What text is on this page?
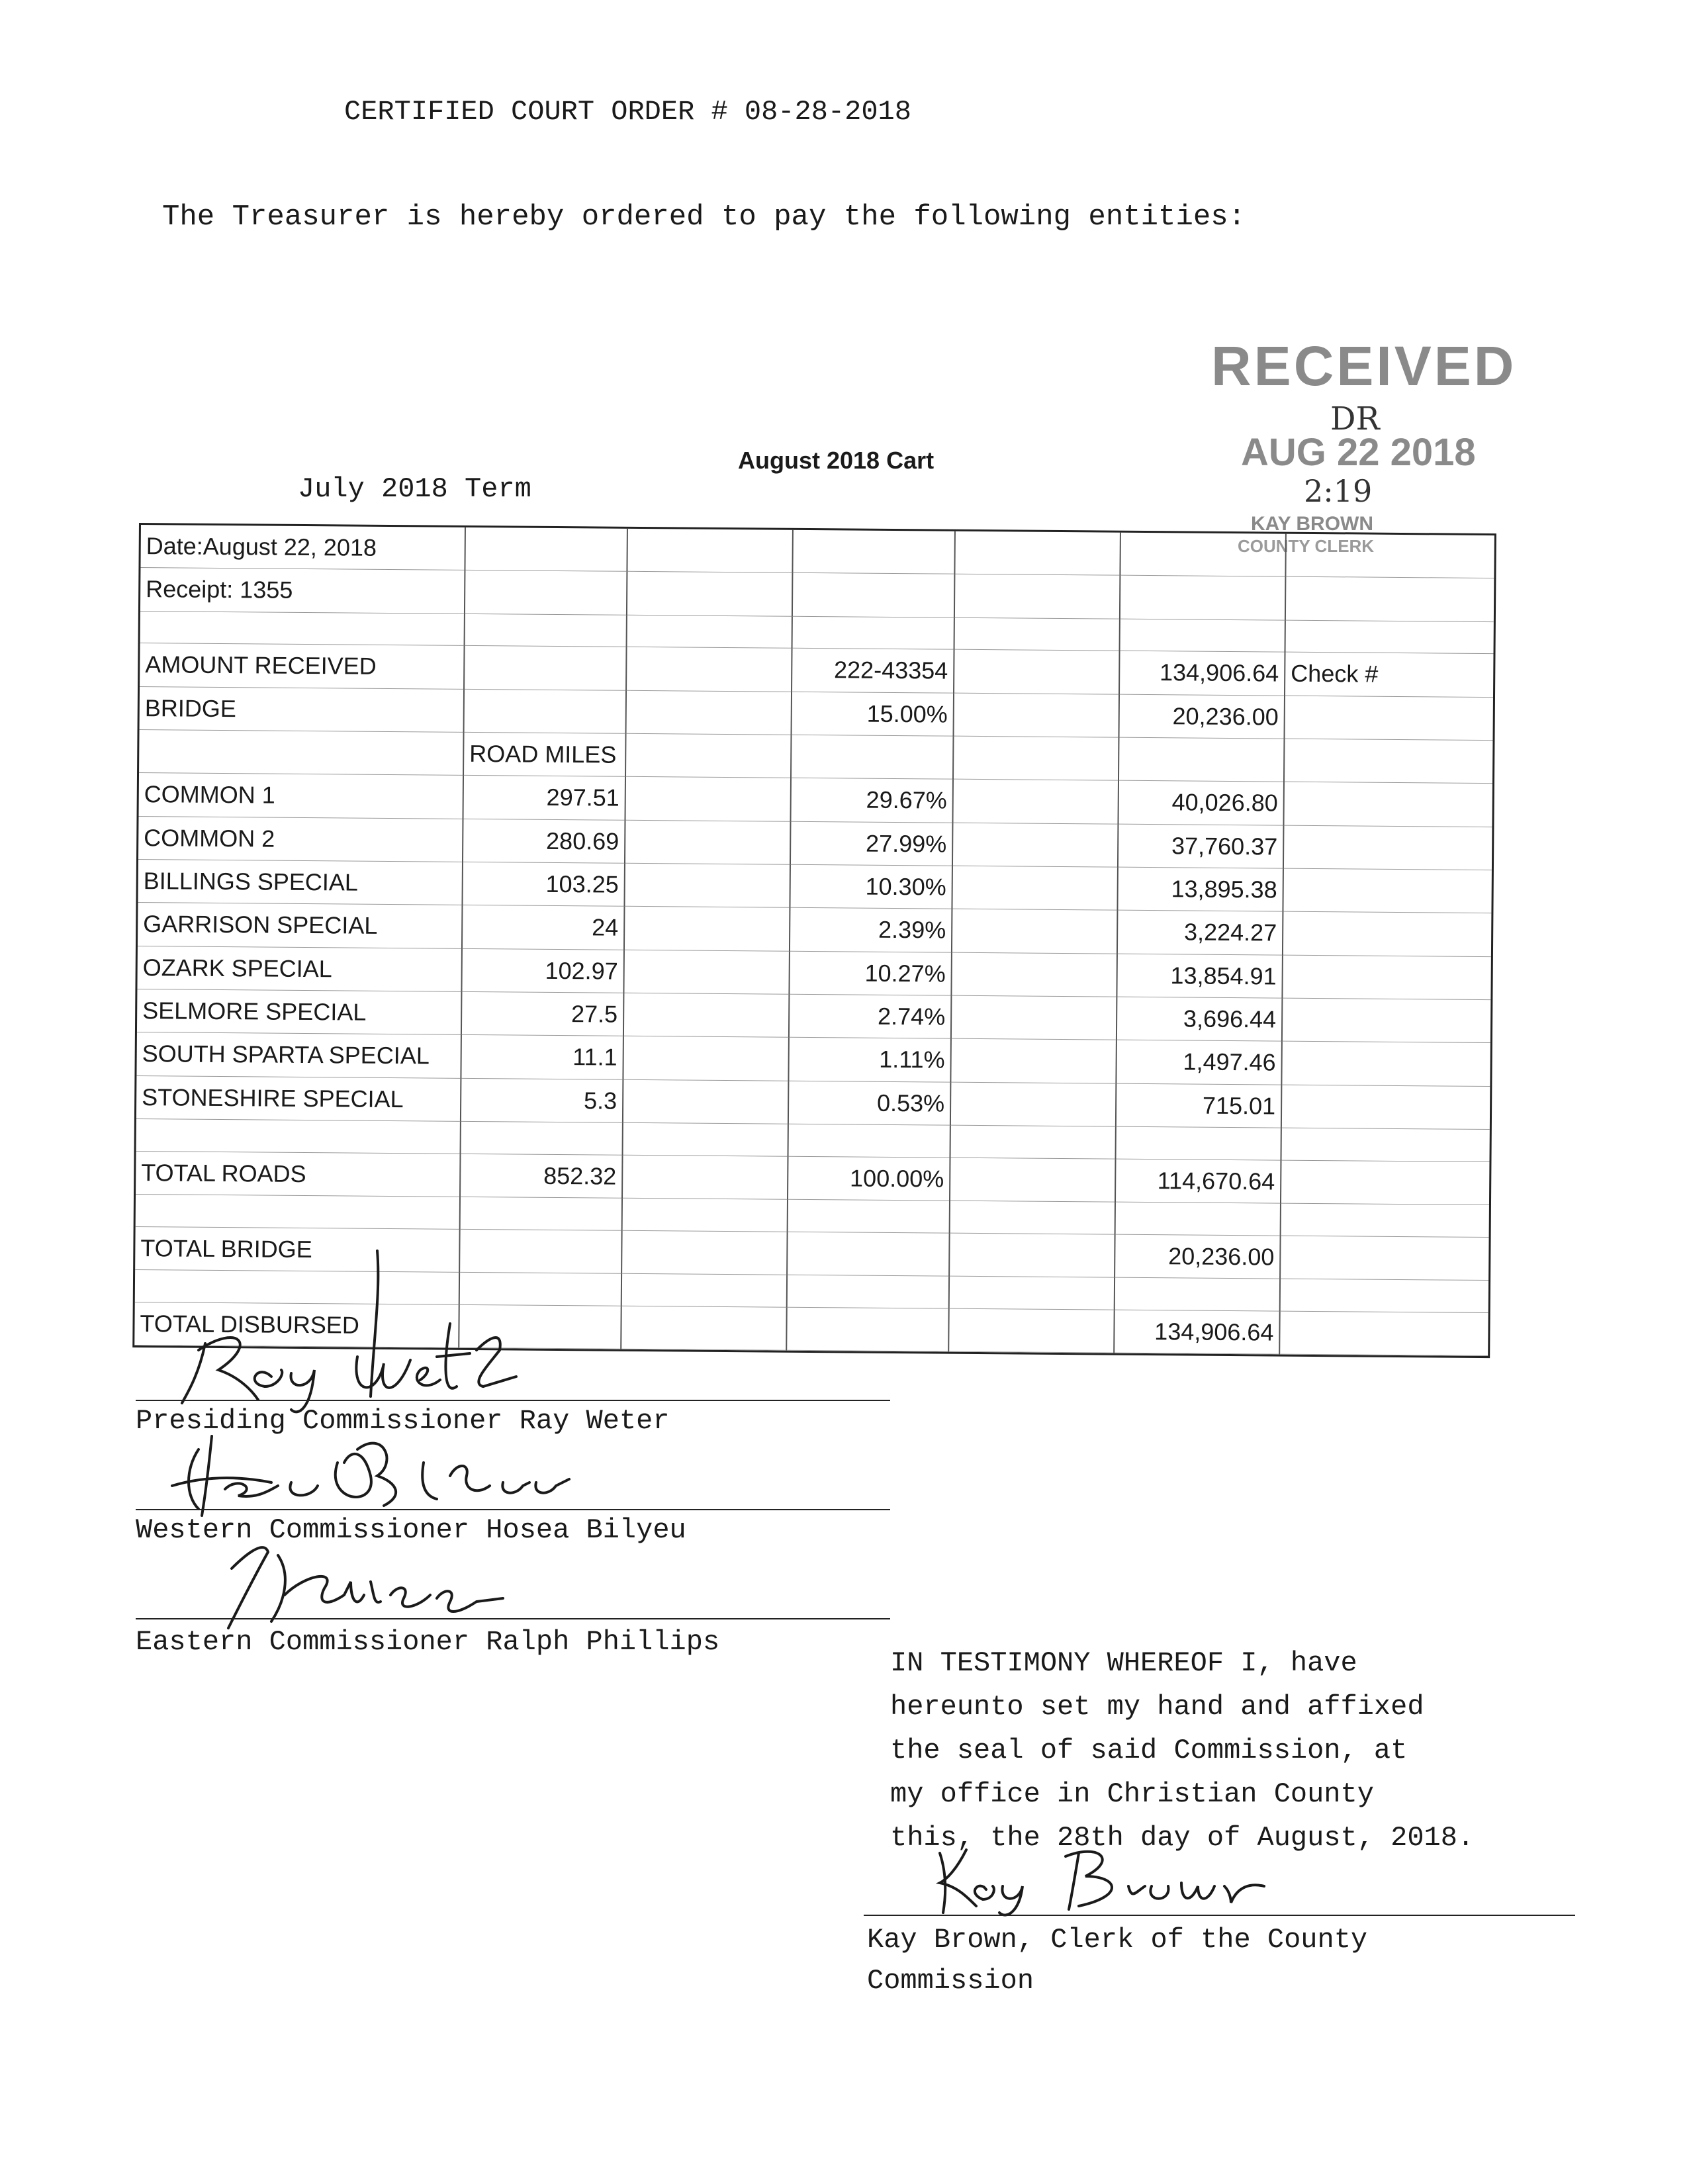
CERTIFIED COURT ORDER # 08-28-2018
The Treasurer is hereby ordered to pay the following entities:
RECEIVED
DR
AUG 22 2018
2:19
KAY BROWN
COUNTY CLERK
July 2018 Term
August 2018 Cart
Date:August 22, 2018						
Receipt: 1355						

AMOUNT RECEIVED			222-43354		134,906.64	Check #
BRIDGE			15.00%		20,236.00	
	ROAD MILES					
COMMON 1	297.51		29.67%		40,026.80	
COMMON 2	280.69		27.99%		37,760.37	
BILLINGS SPECIAL	103.25		10.30%		13,895.38	
GARRISON SPECIAL	24		2.39%		3,224.27	
OZARK SPECIAL	102.97		10.27%		13,854.91	
SELMORE SPECIAL	27.5		2.74%		3,696.44	
SOUTH SPARTA SPECIAL	11.1		1.11%		1,497.46	
STONESHIRE SPECIAL	5.3		0.53%		715.01	

TOTAL ROADS	852.32		100.00%		114,670.64	

TOTAL BRIDGE					20,236.00	

TOTAL DISBURSED					134,906.64	
Presiding Commissioner Ray Weter
Western Commissioner Hosea Bilyeu
Eastern Commissioner Ralph Phillips
IN TESTIMONY WHEREOF I, have
hereunto set my hand and affixed
the seal of said Commission, at
my office in Christian County
this, the 28th day of August, 2018.
Kay Brown, Clerk of the County
Commission
